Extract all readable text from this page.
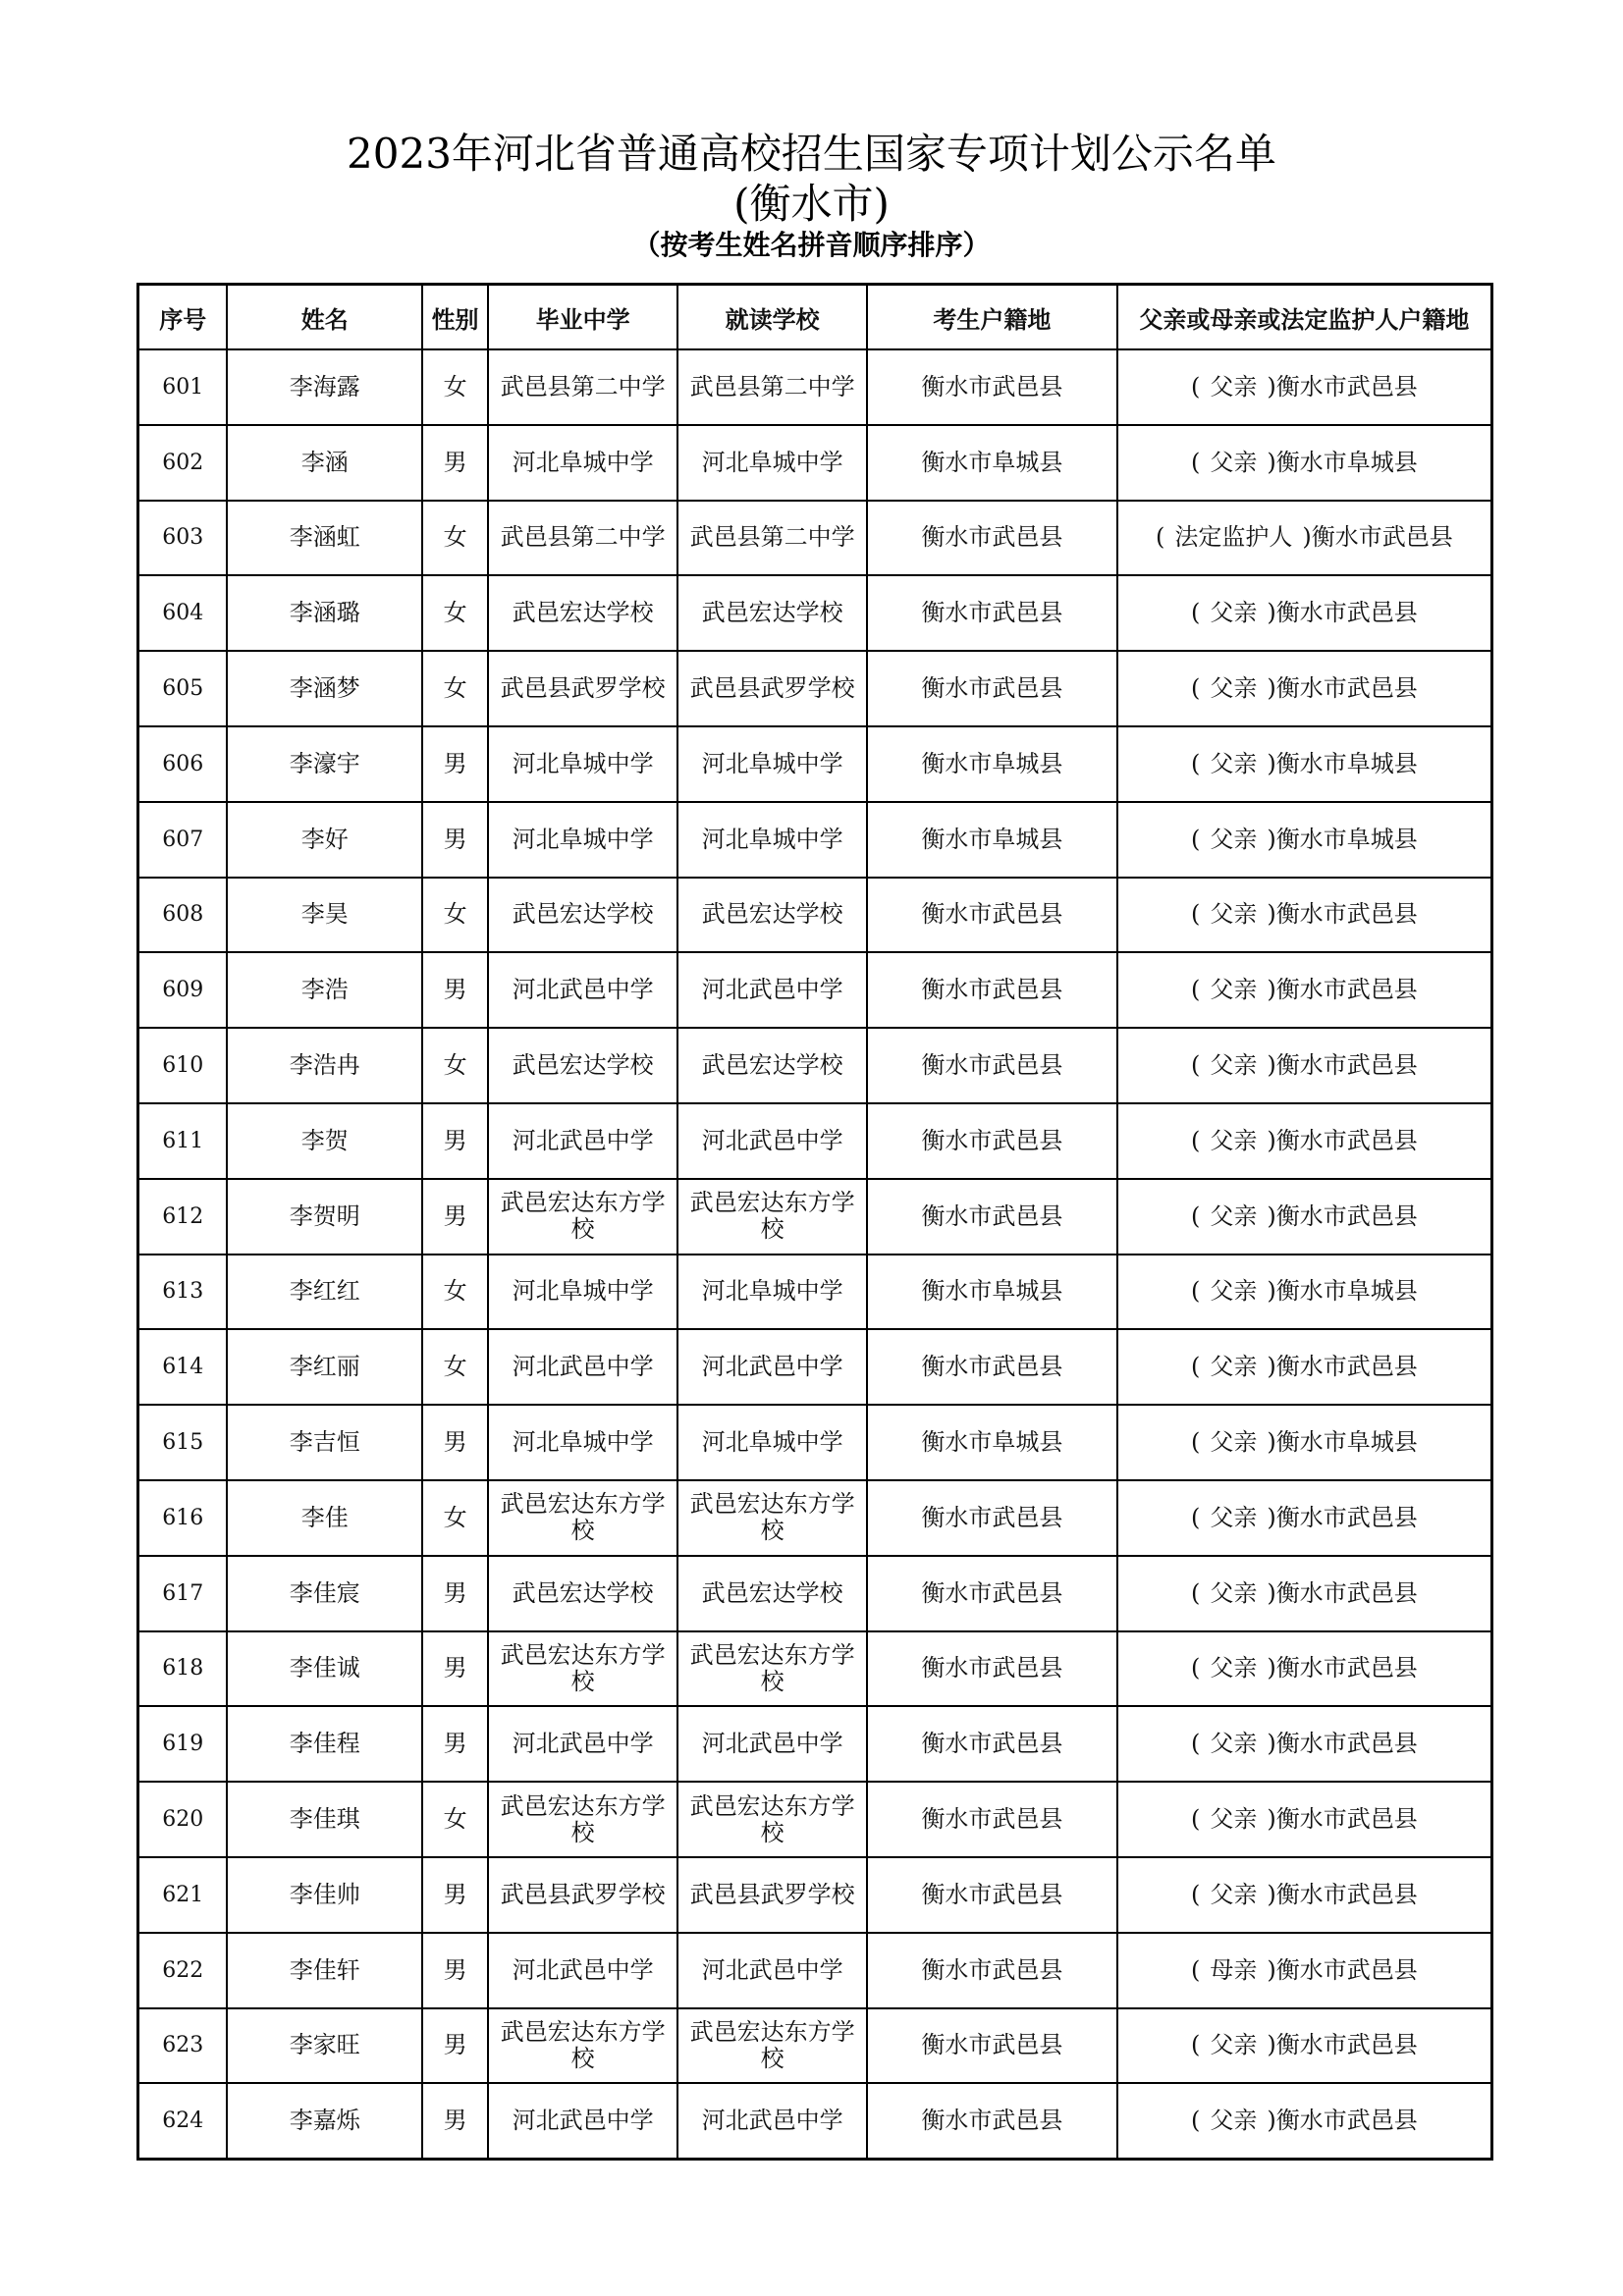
2023年河北省普通高校招生国家专项计划公示名单
(衡水市)
（按考生姓名拼音顺序排序）
序号	姓名	性别	毕业中学	就读学校	考生户籍地	父亲或母亲或法定监护人户籍地
601	李海露	女	武邑县第二中学	武邑县第二中学	衡水市武邑县	( 父亲 )衡水市武邑县
602	李涵	男	河北阜城中学	河北阜城中学	衡水市阜城县	( 父亲 )衡水市阜城县
603	李涵虹	女	武邑县第二中学	武邑县第二中学	衡水市武邑县	( 法定监护人 )衡水市武邑县
604	李涵璐	女	武邑宏达学校	武邑宏达学校	衡水市武邑县	( 父亲 )衡水市武邑县
605	李涵梦	女	武邑县武罗学校	武邑县武罗学校	衡水市武邑县	( 父亲 )衡水市武邑县
606	李濠宇	男	河北阜城中学	河北阜城中学	衡水市阜城县	( 父亲 )衡水市阜城县
607	李好	男	河北阜城中学	河北阜城中学	衡水市阜城县	( 父亲 )衡水市阜城县
608	李昊	女	武邑宏达学校	武邑宏达学校	衡水市武邑县	( 父亲 )衡水市武邑县
609	李浩	男	河北武邑中学	河北武邑中学	衡水市武邑县	( 父亲 )衡水市武邑县
610	李浩冉	女	武邑宏达学校	武邑宏达学校	衡水市武邑县	( 父亲 )衡水市武邑县
611	李贺	男	河北武邑中学	河北武邑中学	衡水市武邑县	( 父亲 )衡水市武邑县
612	李贺明	男	武邑宏达东方学校	武邑宏达东方学校	衡水市武邑县	( 父亲 )衡水市武邑县
613	李红红	女	河北阜城中学	河北阜城中学	衡水市阜城县	( 父亲 )衡水市阜城县
614	李红丽	女	河北武邑中学	河北武邑中学	衡水市武邑县	( 父亲 )衡水市武邑县
615	李吉恒	男	河北阜城中学	河北阜城中学	衡水市阜城县	( 父亲 )衡水市阜城县
616	李佳	女	武邑宏达东方学校	武邑宏达东方学校	衡水市武邑县	( 父亲 )衡水市武邑县
617	李佳宸	男	武邑宏达学校	武邑宏达学校	衡水市武邑县	( 父亲 )衡水市武邑县
618	李佳诚	男	武邑宏达东方学校	武邑宏达东方学校	衡水市武邑县	( 父亲 )衡水市武邑县
619	李佳程	男	河北武邑中学	河北武邑中学	衡水市武邑县	( 父亲 )衡水市武邑县
620	李佳琪	女	武邑宏达东方学校	武邑宏达东方学校	衡水市武邑县	( 父亲 )衡水市武邑县
621	李佳帅	男	武邑县武罗学校	武邑县武罗学校	衡水市武邑县	( 父亲 )衡水市武邑县
622	李佳轩	男	河北武邑中学	河北武邑中学	衡水市武邑县	( 母亲 )衡水市武邑县
623	李家旺	男	武邑宏达东方学校	武邑宏达东方学校	衡水市武邑县	( 父亲 )衡水市武邑县
624	李嘉烁	男	河北武邑中学	河北武邑中学	衡水市武邑县	( 父亲 )衡水市武邑县
